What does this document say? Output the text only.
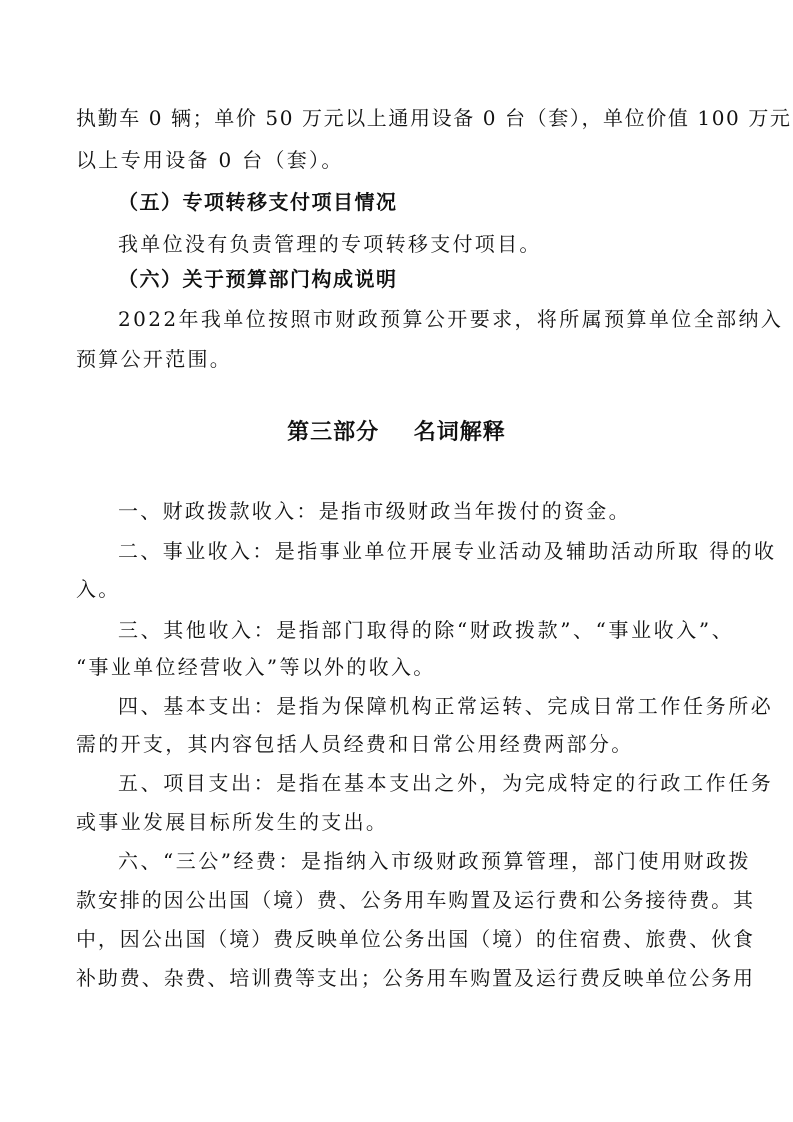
执勤车 0 辆；单价 50 万元以上通用设备 0 台（套），单位价值 100 万元
以上专用设备 0 台（套）。
（五）专项转移支付项目情况
我单位没有负责管理的专项转移支付项目。
（六）关于预算部门构成说明
2022年我单位按照市财政预算公开要求，将所属预算单位全部纳入
预算公开范围。
第三部分    名词解释
一、财政拨款收入：是指市级财政当年拨付的资金。
二、事业收入：是指事业单位开展专业活动及辅助活动所取 得的收
入。
三、其他收入：是指部门取得的除“财政拨款”、“事业收入”、
“事业单位经营收入”等以外的收入。
四、基本支出：是指为保障机构正常运转、完成日常工作任务所必
需的开支，其内容包括人员经费和日常公用经费两部分。
五、项目支出：是指在基本支出之外，为完成特定的行政工作任务
或事业发展目标所发生的支出。
六、“三公”经费：是指纳入市级财政预算管理，部门使用财政拨
款安排的因公出国（境）费、公务用车购置及运行费和公务接待费。其
中，因公出国（境）费反映单位公务出国（境）的住宿费、旅费、伙食
补助费、杂费、培训费等支出；公务用车购置及运行费反映单位公务用
